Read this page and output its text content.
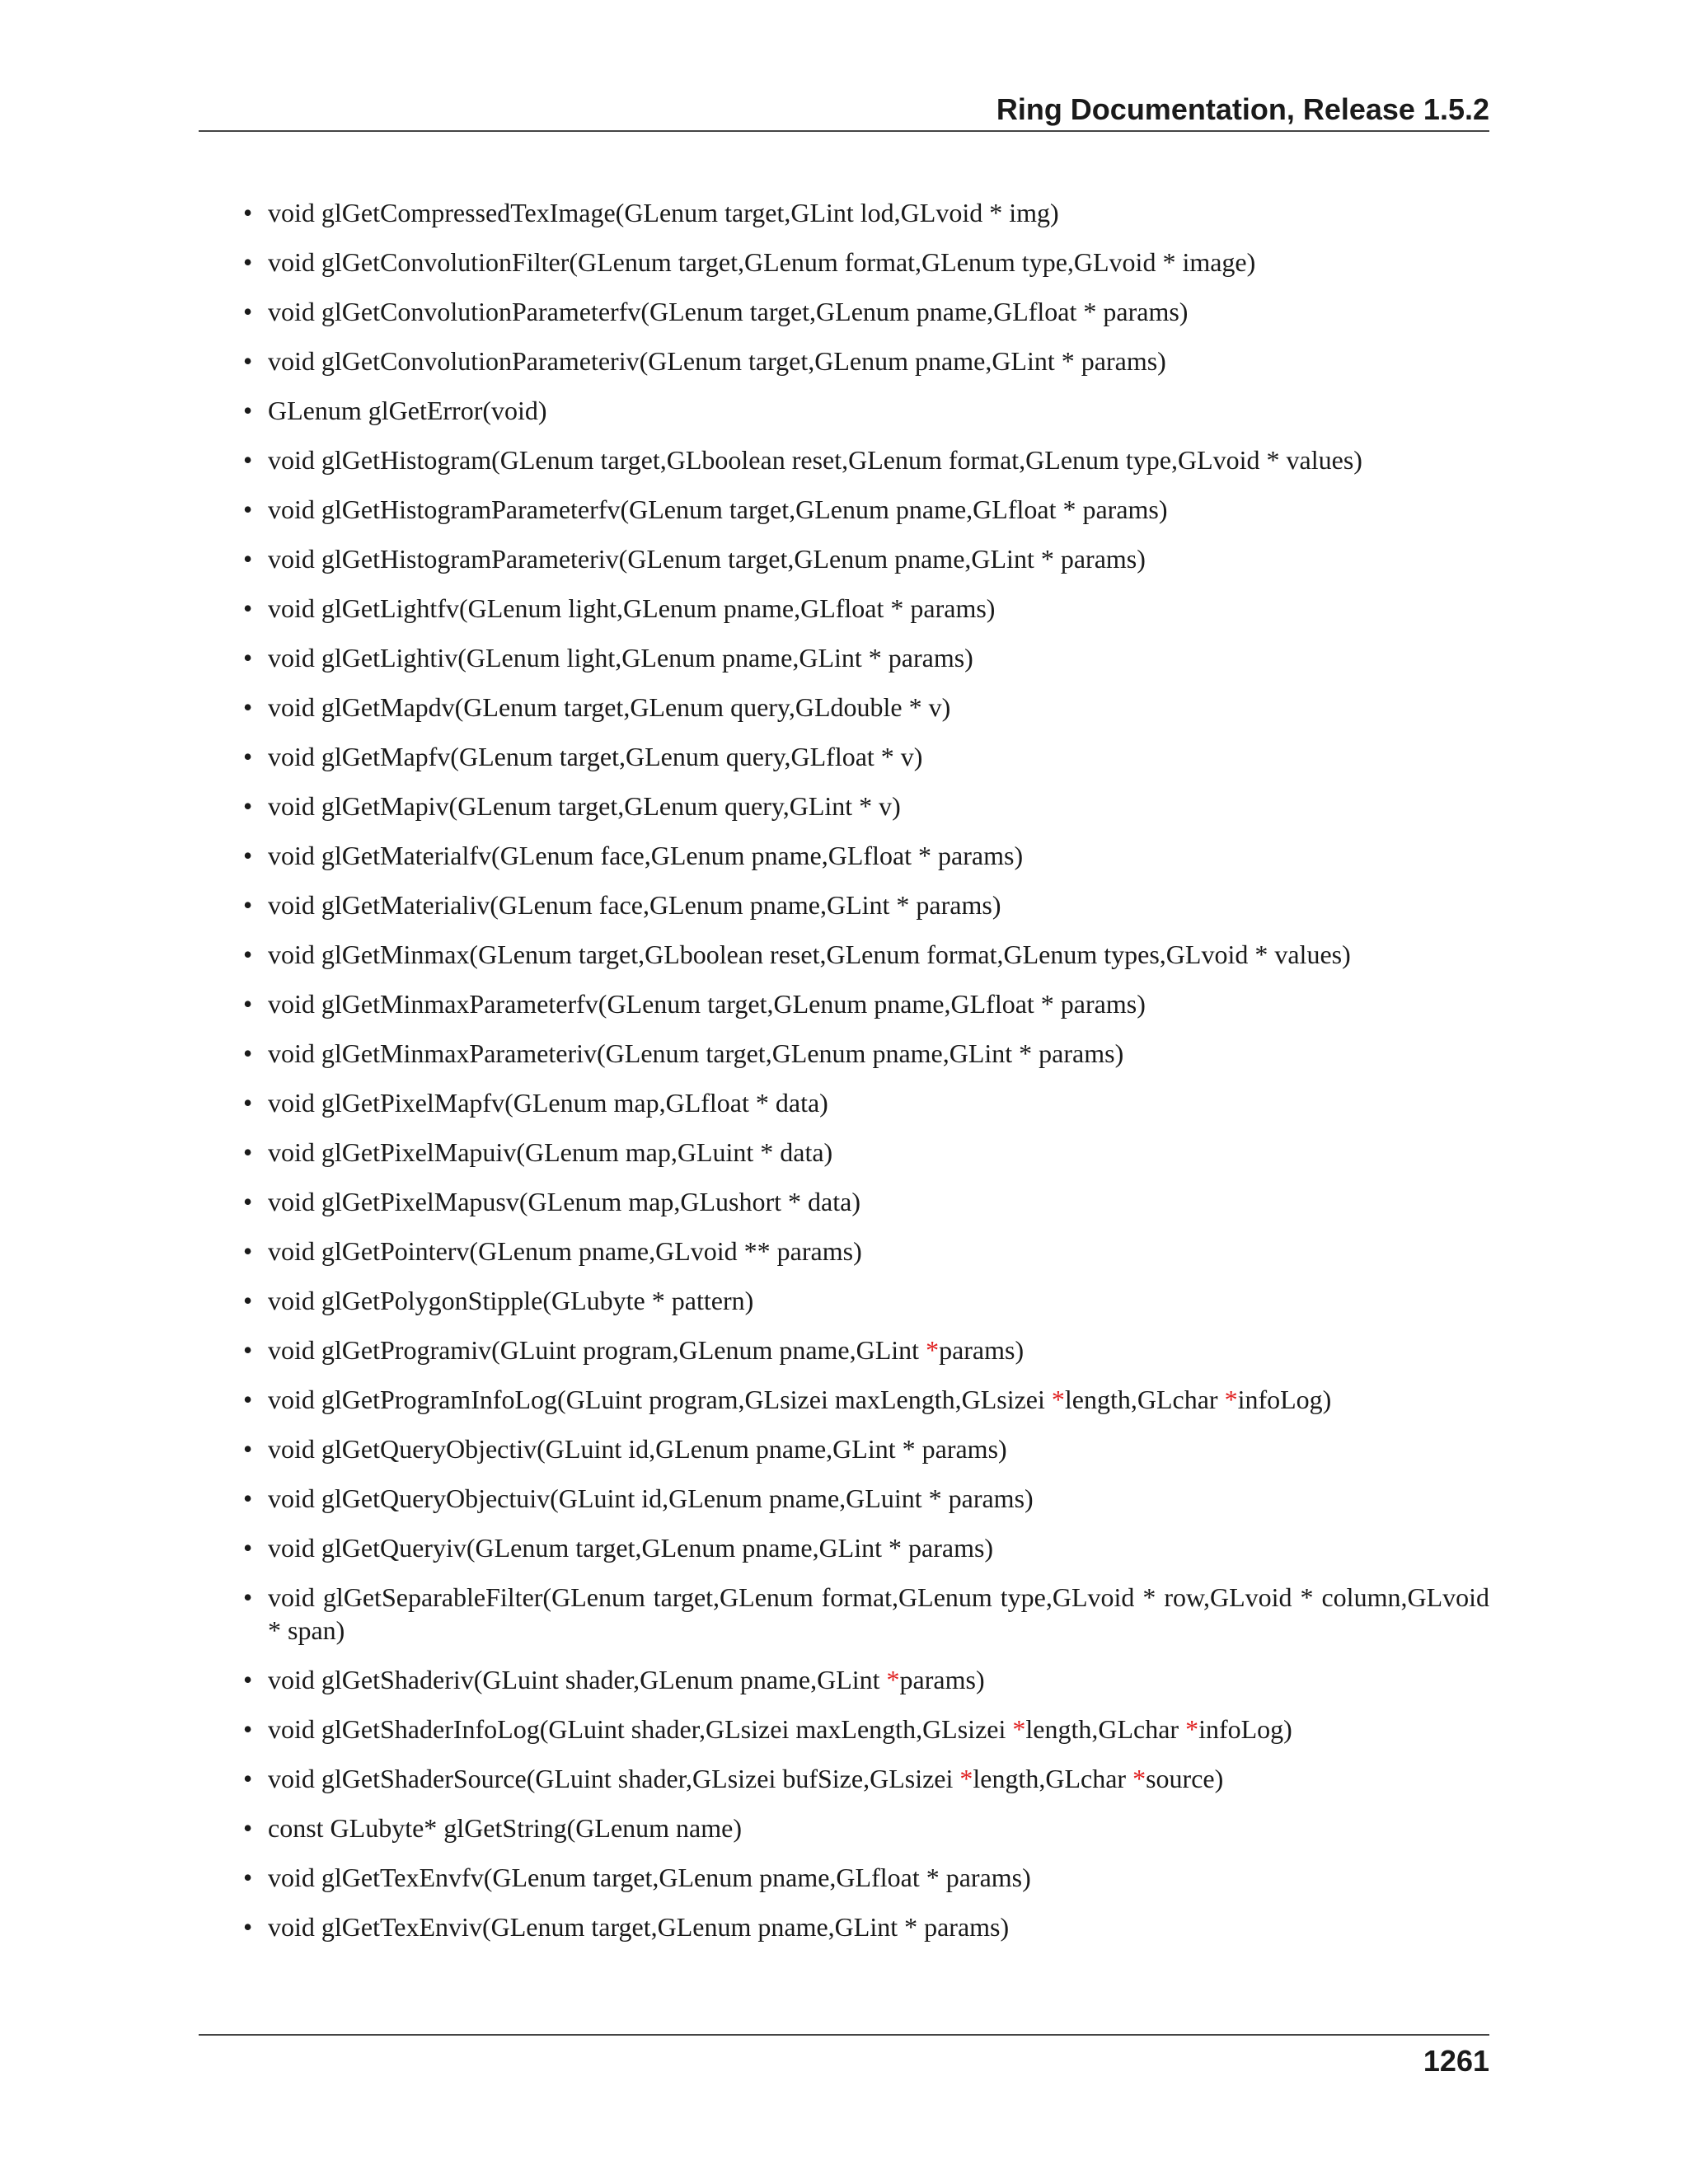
Ring Documentation, Release 1.5.2
• void glGetCompressedTexImage(GLenum target,GLint lod,GLvoid * img)
• void glGetConvolutionFilter(GLenum target,GLenum format,GLenum type,GLvoid * image)
• void glGetConvolutionParameterfv(GLenum target,GLenum pname,GLfloat * params)
• void glGetConvolutionParameteriv(GLenum target,GLenum pname,GLint * params)
• GLenum glGetError(void)
• void glGetHistogram(GLenum target,GLboolean reset,GLenum format,GLenum type,GLvoid * values)
• void glGetHistogramParameterfv(GLenum target,GLenum pname,GLfloat * params)
• void glGetHistogramParameteriv(GLenum target,GLenum pname,GLint * params)
• void glGetLightfv(GLenum light,GLenum pname,GLfloat * params)
• void glGetLightiv(GLenum light,GLenum pname,GLint * params)
• void glGetMapdv(GLenum target,GLenum query,GLdouble * v)
• void glGetMapfv(GLenum target,GLenum query,GLfloat * v)
• void glGetMapiv(GLenum target,GLenum query,GLint * v)
• void glGetMaterialfv(GLenum face,GLenum pname,GLfloat * params)
• void glGetMaterialiv(GLenum face,GLenum pname,GLint * params)
• void glGetMinmax(GLenum target,GLboolean reset,GLenum format,GLenum types,GLvoid * values)
• void glGetMinmaxParameterfv(GLenum target,GLenum pname,GLfloat * params)
• void glGetMinmaxParameteriv(GLenum target,GLenum pname,GLint * params)
• void glGetPixelMapfv(GLenum map,GLfloat * data)
• void glGetPixelMapuiv(GLenum map,GLuint * data)
• void glGetPixelMapusv(GLenum map,GLushort * data)
• void glGetPointerv(GLenum pname,GLvoid ** params)
• void glGetPolygonStipple(GLubyte * pattern)
• void glGetProgramiv(GLuint program,GLenum pname,GLint *params)
• void glGetProgramInfoLog(GLuint program,GLsizei maxLength,GLsizei *length,GLchar *infoLog)
• void glGetQueryObjectiv(GLuint id,GLenum pname,GLint * params)
• void glGetQueryObjectuiv(GLuint id,GLenum pname,GLuint * params)
• void glGetQueryiv(GLenum target,GLenum pname,GLint * params)
• void glGetSeparableFilter(GLenum target,GLenum format,GLenum type,GLvoid * row,GLvoid * column,GLvoid * span)
• void glGetShaderiv(GLuint shader,GLenum pname,GLint *params)
• void glGetShaderInfoLog(GLuint shader,GLsizei maxLength,GLsizei *length,GLchar *infoLog)
• void glGetShaderSource(GLuint shader,GLsizei bufSize,GLsizei *length,GLchar *source)
• const GLubyte* glGetString(GLenum name)
• void glGetTexEnvfv(GLenum target,GLenum pname,GLfloat * params)
• void glGetTexEnviv(GLenum target,GLenum pname,GLint * params)
1261
